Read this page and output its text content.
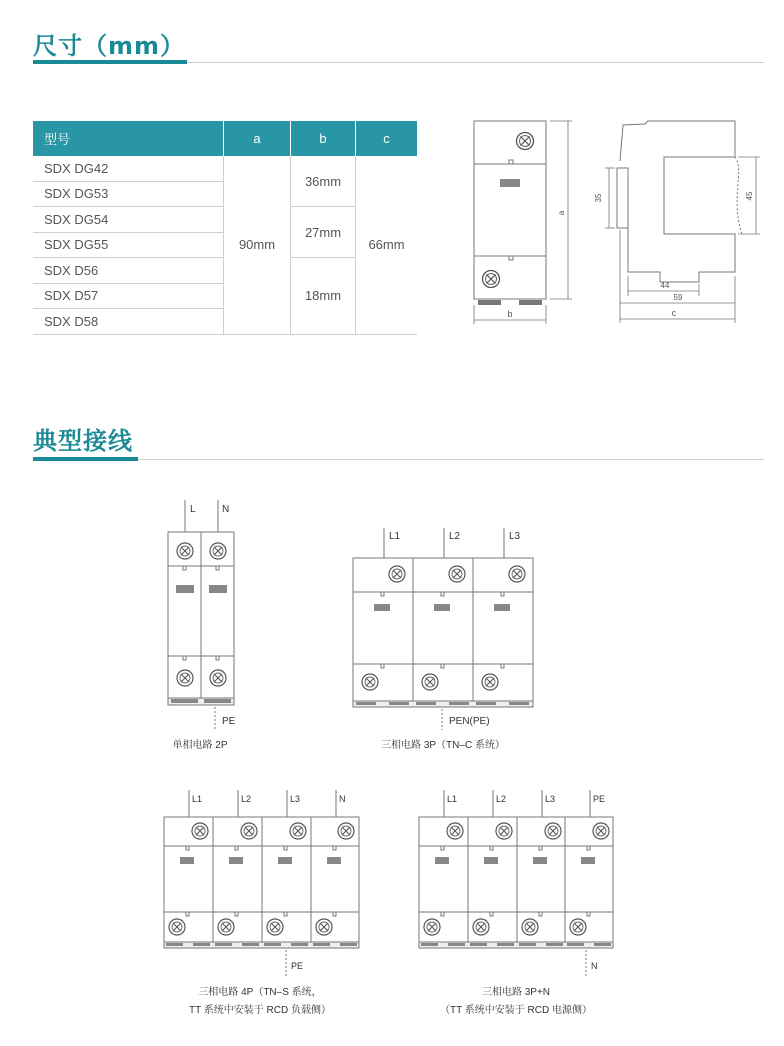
尺寸（mm）
型号	a	b	c
SDX DG42	90mm	36mm	66mm
SDX DG53			
SDX DG54		27mm	
SDX DG55			
SDX D56		18mm	
SDX D57			
SDX D58			
a
b
35	45
44
59
c
典型接线
L	N
PE
L1	L2	L3
PEN(PE)
L1	L2	L3	N
PE
L1	L2	L3	PE
N
单相电路 2P	三相电路 3P（TN–C 系统）
三相电路 4P（TN–S 系统，
TT 系统中安装于 RCD 负载侧）
三相电路 3P+N
（TT 系统中安装于 RCD 电源侧）
